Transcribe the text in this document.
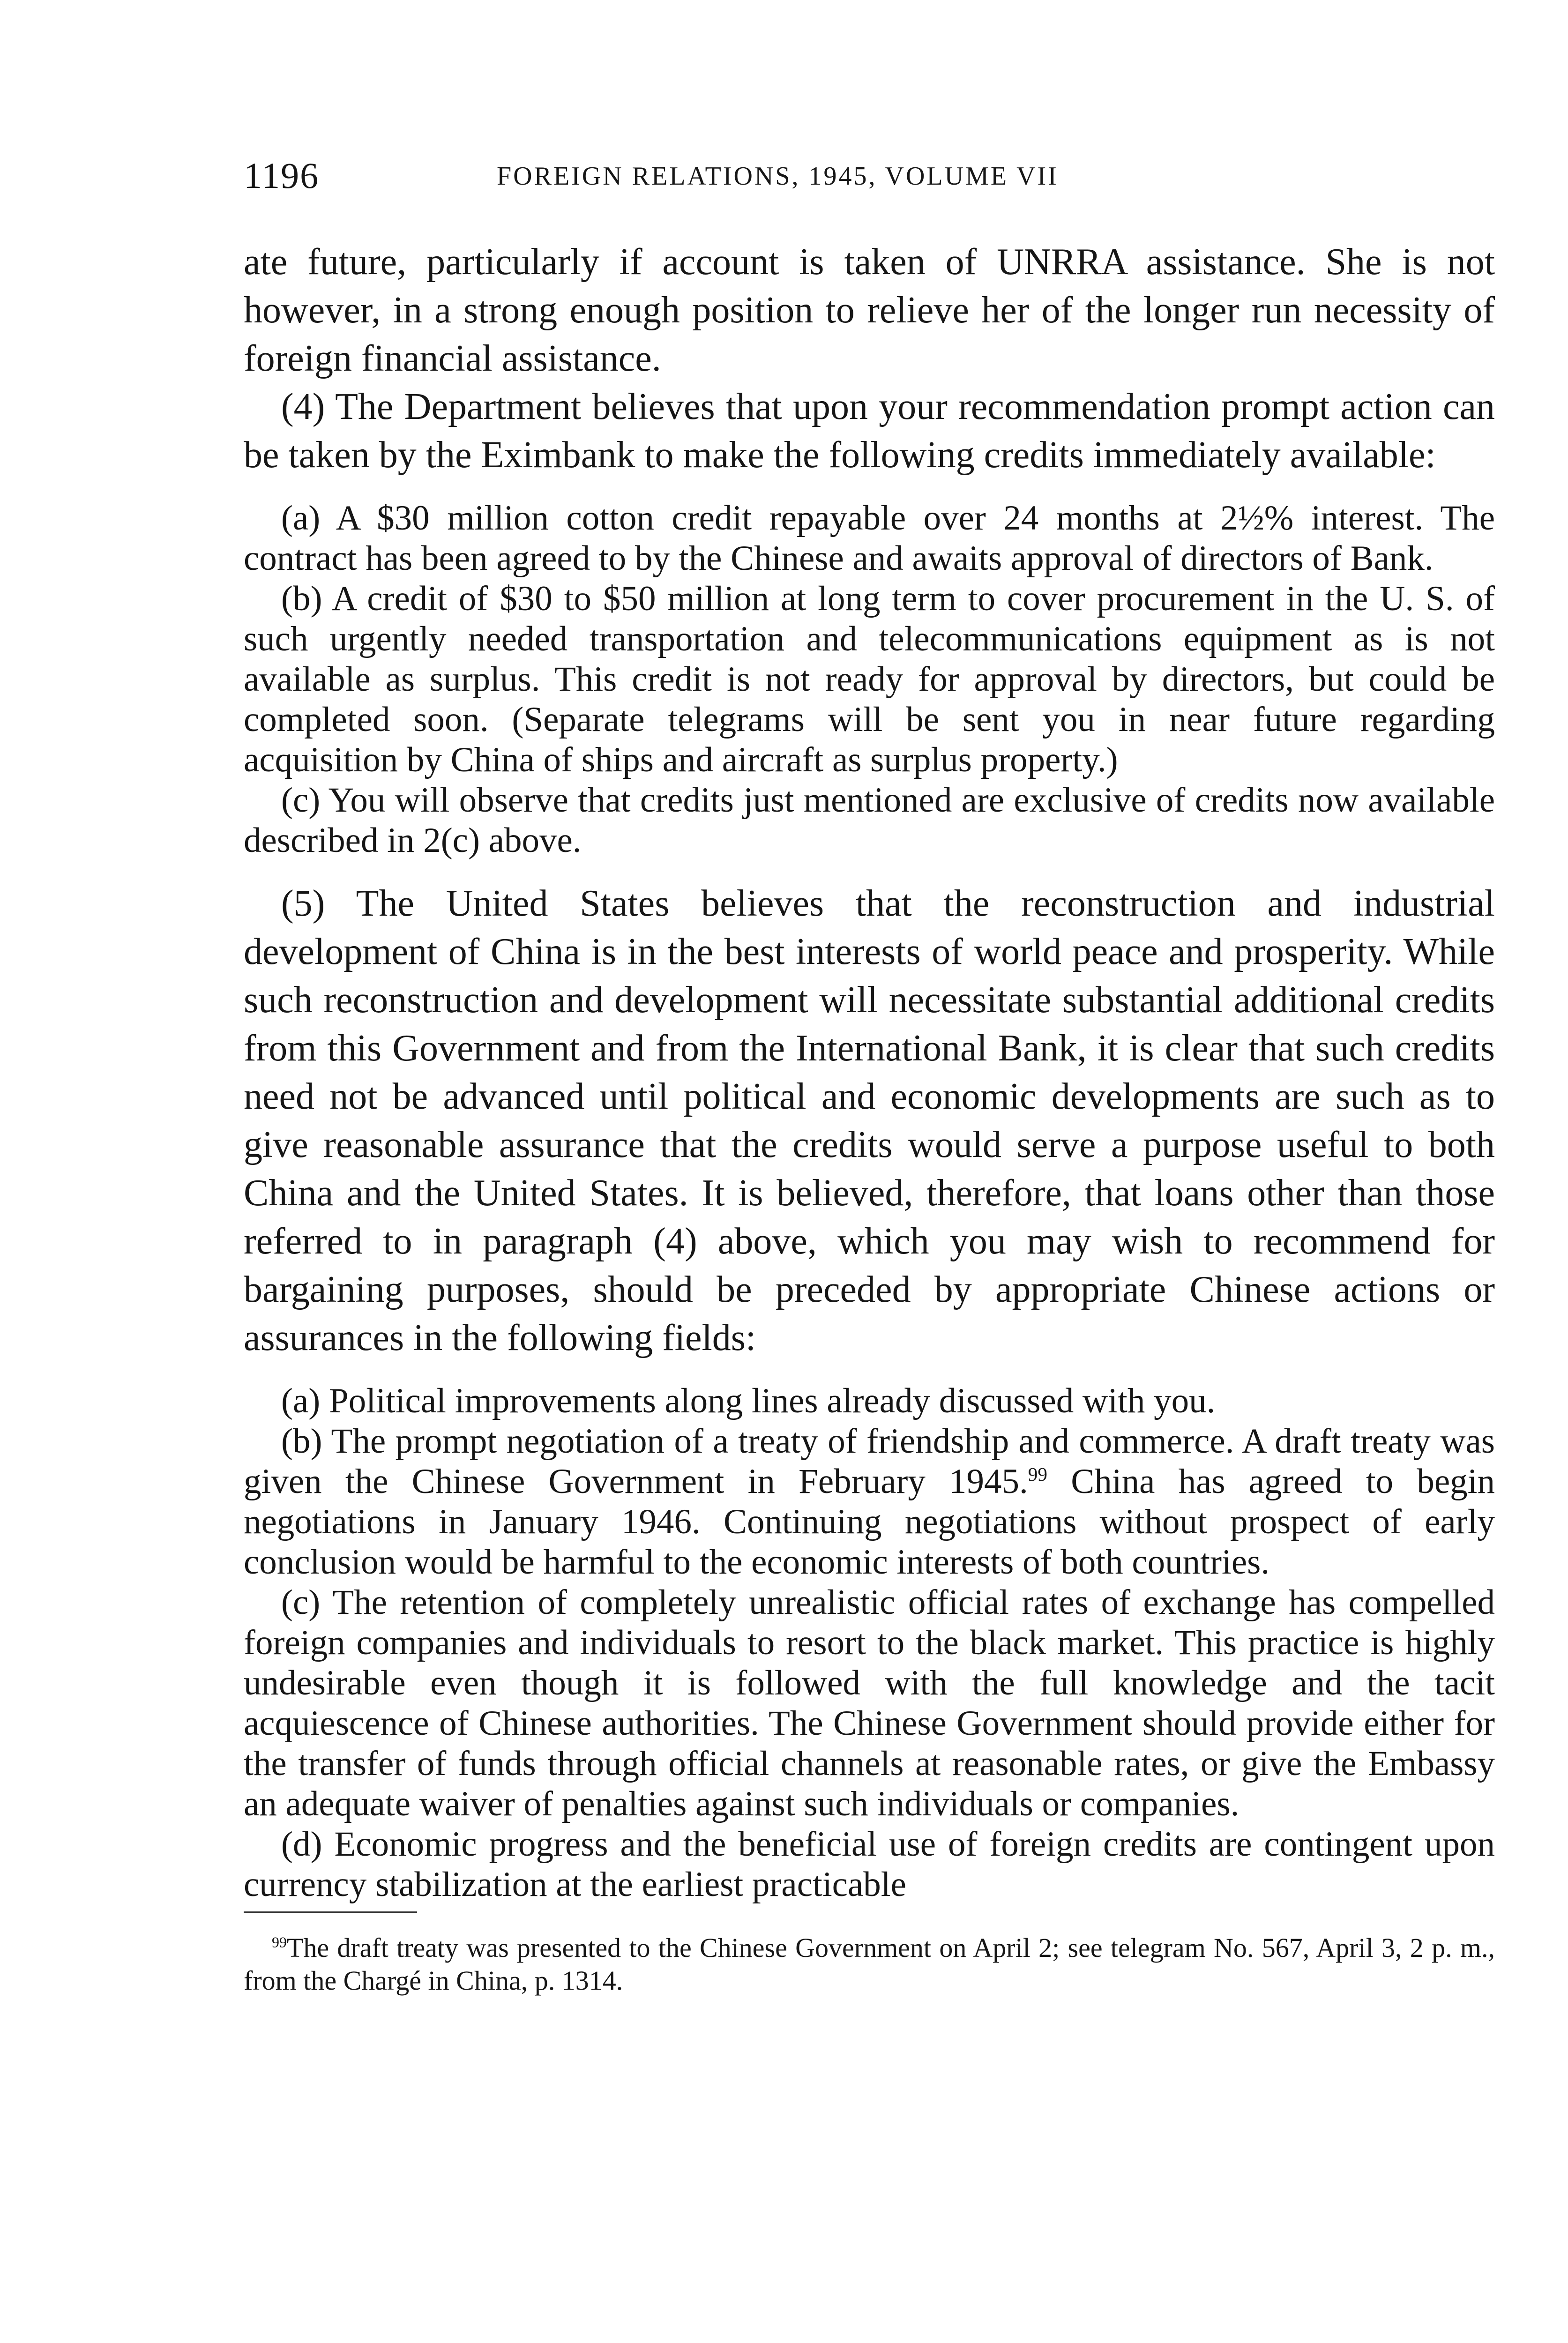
1196	FOREIGN RELATIONS, 1945, VOLUME VII

ate future, particularly if account is taken of UNRRA assistance. She is not however, in a strong enough position to relieve her of the longer run necessity of foreign financial assistance.

(4) The Department believes that upon your recommendation prompt action can be taken by the Eximbank to make the following credits immediately available:

(a) A $30 million cotton credit repayable over 24 months at 2½% interest. The contract has been agreed to by the Chinese and awaits approval of directors of Bank.

(b) A credit of $30 to $50 million at long term to cover procurement in the U. S. of such urgently needed transportation and telecommunications equipment as is not available as surplus. This credit is not ready for approval by directors, but could be completed soon. (Separate telegrams will be sent you in near future regarding acquisition by China of ships and aircraft as surplus property.)

(c) You will observe that credits just mentioned are exclusive of credits now available described in 2(c) above.

(5) The United States believes that the reconstruction and industrial development of China is in the best interests of world peace and prosperity. While such reconstruction and development will necessitate substantial additional credits from this Government and from the International Bank, it is clear that such credits need not be advanced until political and economic developments are such as to give reasonable assurance that the credits would serve a purpose useful to both China and the United States. It is believed, therefore, that loans other than those referred to in paragraph (4) above, which you may wish to recommend for bargaining purposes, should be preceded by appropriate Chinese actions or assurances in the following fields:

(a) Political improvements along lines already discussed with you.

(b) The prompt negotiation of a treaty of friendship and commerce. A draft treaty was given the Chinese Government in February 1945.99 China has agreed to begin negotiations in January 1946. Continuing negotiations without prospect of early conclusion would be harmful to the economic interests of both countries.

(c) The retention of completely unrealistic official rates of exchange has compelled foreign companies and individuals to resort to the black market. This practice is highly undesirable even though it is followed with the full knowledge and the tacit acquiescence of Chinese authorities. The Chinese Government should provide either for the transfer of funds through official channels at reasonable rates, or give the Embassy an adequate waiver of penalties against such individuals or companies.

(d) Economic progress and the beneficial use of foreign credits are contingent upon currency stabilization at the earliest practicable

$^{99}$The draft treaty was presented to the Chinese Government on April 2; see telegram No. 567, April 3, 2 p. m., from the Chargé in China, p. 1314.
